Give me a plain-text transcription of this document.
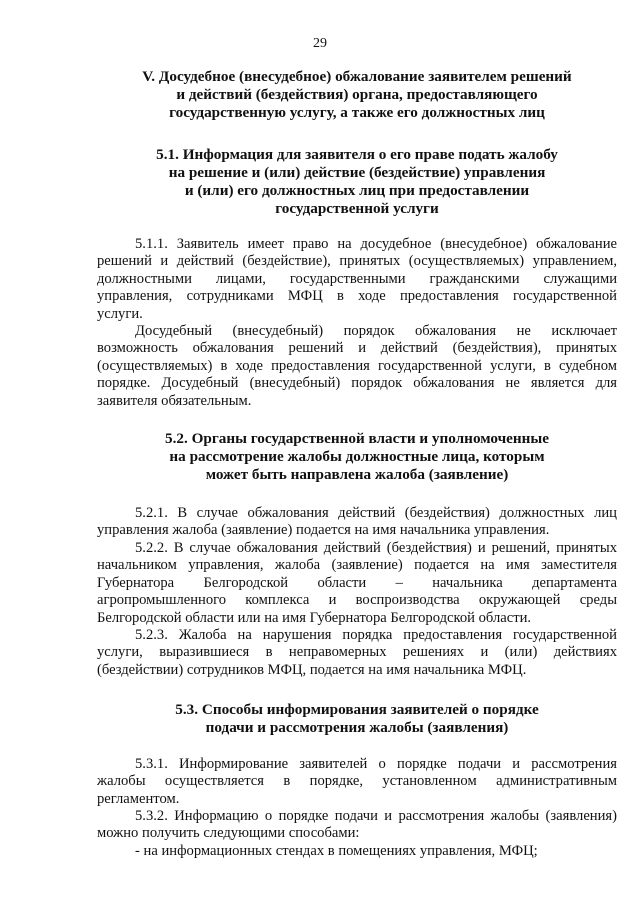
29
V. Досудебное (внесудебное) обжалование заявителем решений
и действий (бездействия) органа, предоставляющего
государственную услугу, а также его должностных лиц
5.1. Информация для заявителя о его праве подать жалобу
на решение и (или) действие (бездействие) управления
и (или) его должностных лиц при предоставлении
государственной услуги
5.1.1. Заявитель имеет право на досудебное (внесудебное) обжалование
решений и действий (бездействие), принятых (осуществляемых) управлением,
должностными лицами, государственными гражданскими служащими
управления, сотрудниками МФЦ в ходе предоставления государственной
услуги.
Досудебный (внесудебный) порядок обжалования не исключает
возможность обжалования решений и действий (бездействия), принятых
(осуществляемых) в ходе предоставления государственной услуги, в судебном
порядке. Досудебный (внесудебный) порядок обжалования не является для
заявителя обязательным.
5.2. Органы государственной власти и уполномоченные
на рассмотрение жалобы должностные лица, которым
может быть направлена жалоба (заявление)
5.2.1. В случае обжалования действий (бездействия) должностных лиц
управления жалоба (заявление) подается на имя начальника управления.
5.2.2. В случае обжалования действий (бездействия) и решений, принятых
начальником управления, жалоба (заявление) подается на имя заместителя
Губернатора Белгородской области – начальника департамента
агропромышленного комплекса и воспроизводства окружающей среды
Белгородской области или на имя Губернатора Белгородской области.
5.2.3. Жалоба на нарушения порядка предоставления государственной
услуги, выразившиеся в неправомерных решениях и (или) действиях
(бездействии) сотрудников МФЦ, подается на имя начальника МФЦ.
5.3. Способы информирования заявителей о порядке
подачи и рассмотрения жалобы (заявления)
5.3.1. Информирование заявителей о порядке подачи и рассмотрения
жалобы осуществляется в порядке, установленном административным
регламентом.
5.3.2. Информацию о порядке подачи и рассмотрения жалобы (заявления)
можно получить следующими способами:
- на информационных стендах в помещениях управления, МФЦ;
